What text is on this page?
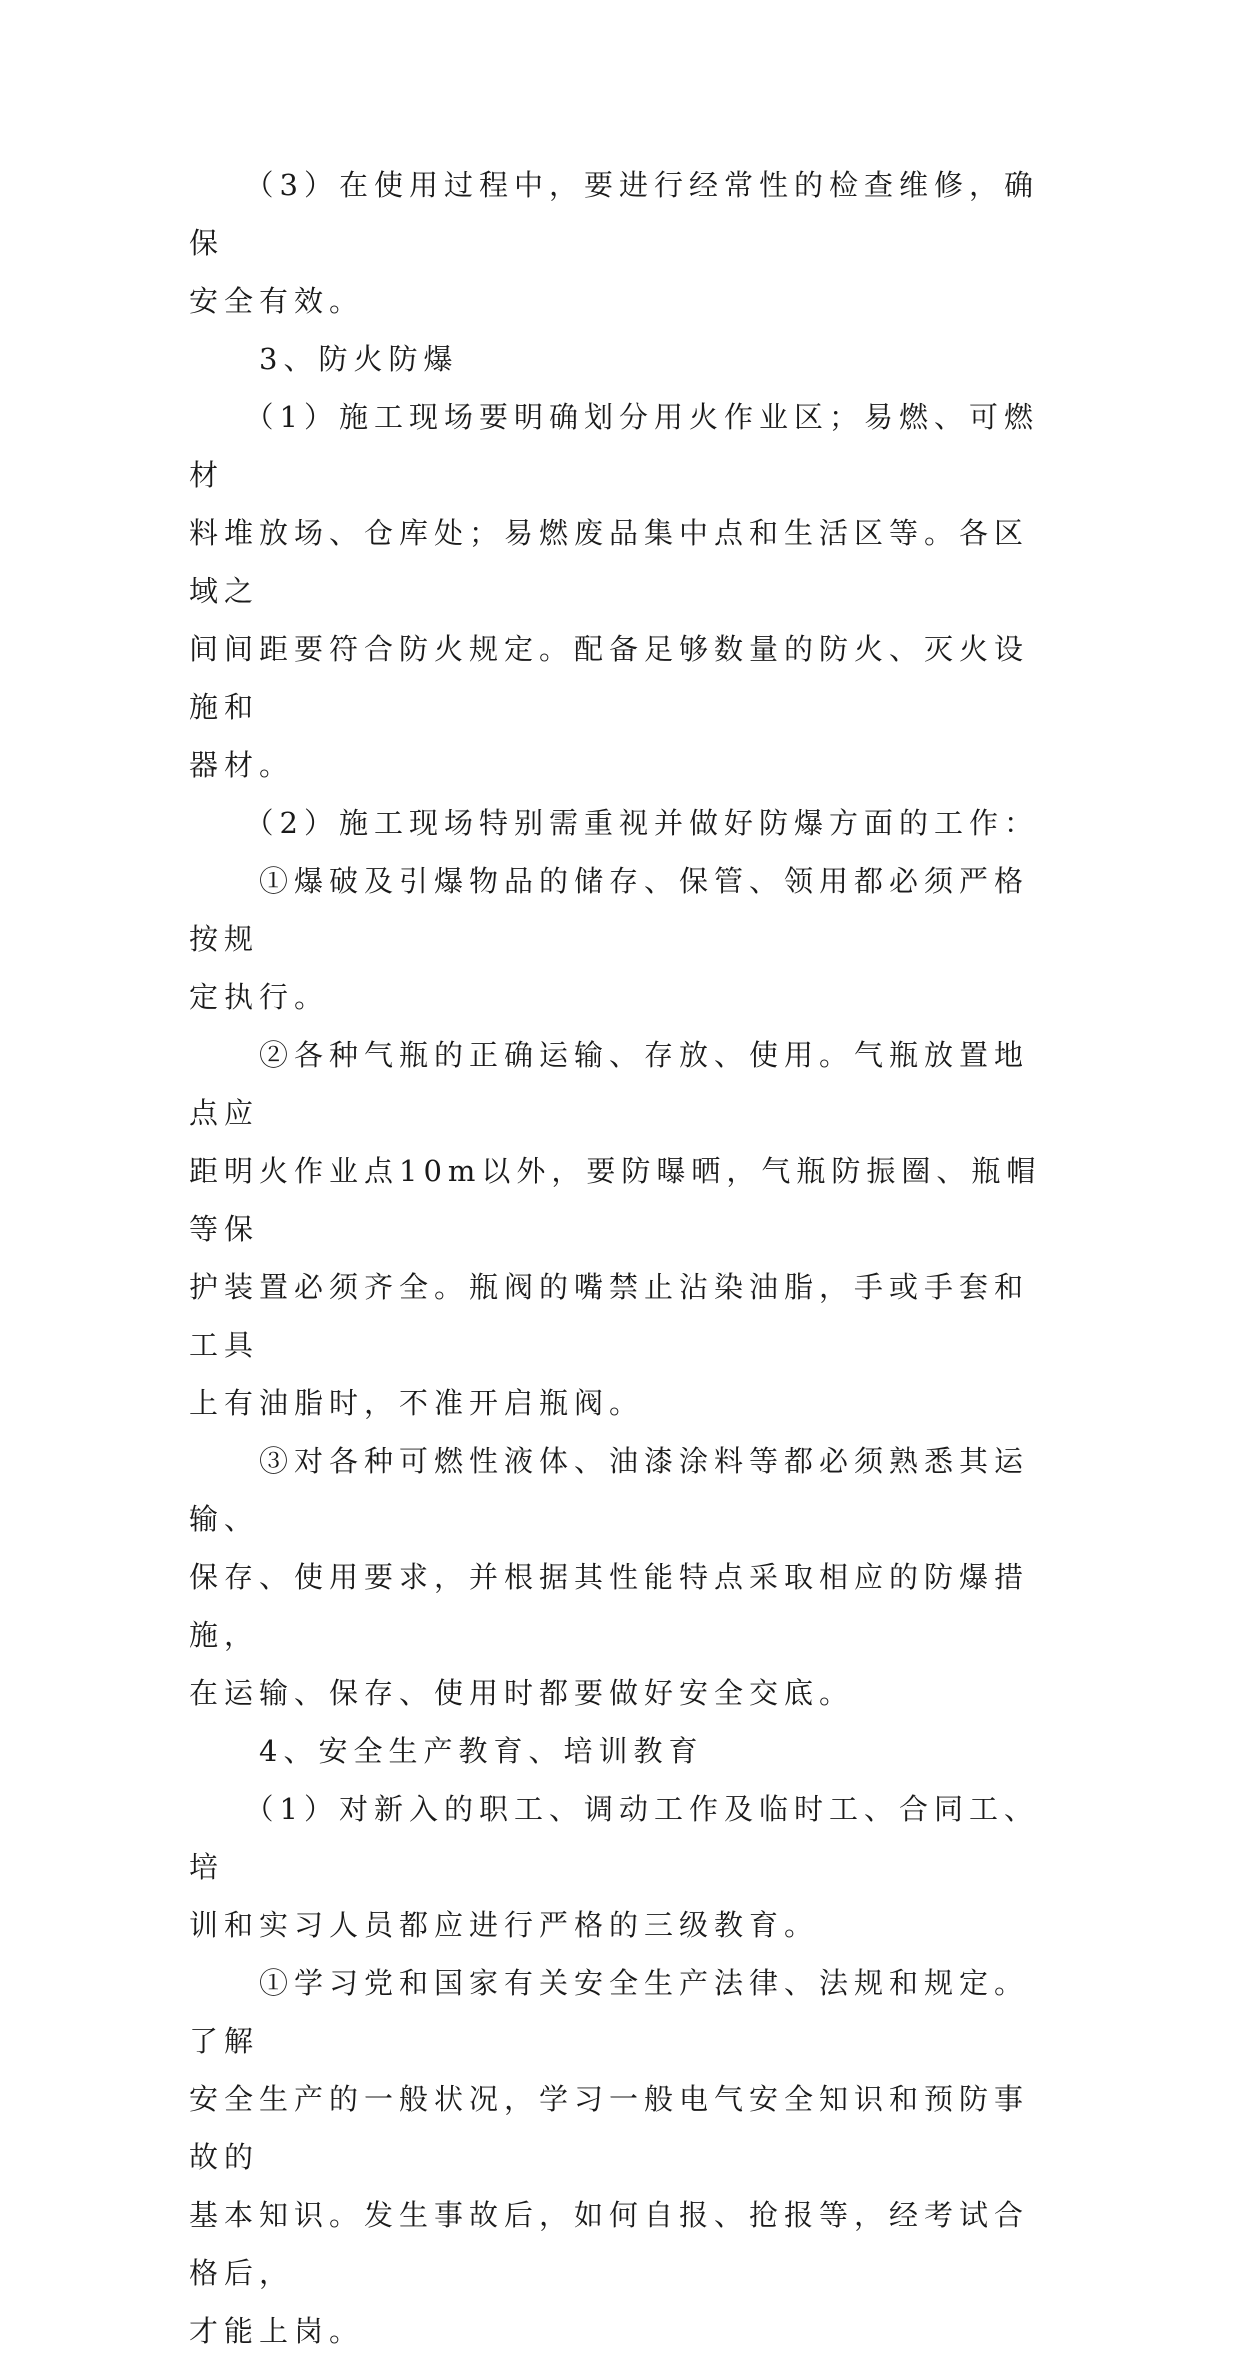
　　（3）在使用过程中，要进行经常性的检查维修，确保
安全有效。

　　3、防火防爆

　　（1）施工现场要明确划分用火作业区；易燃、可燃材
料堆放场、仓库处；易燃废品集中点和生活区等。各区域之
间间距要符合防火规定。配备足够数量的防火、灭火设施和
器材。

　　（2）施工现场特别需重视并做好防爆方面的工作：

　　①爆破及引爆物品的储存、保管、领用都必须严格按规
定执行。

　　②各种气瓶的正确运输、存放、使用。气瓶放置地点应
距明火作业点10m以外，要防曝晒，气瓶防振圈、瓶帽等保
护装置必须齐全。瓶阀的嘴禁止沾染油脂，手或手套和工具
上有油脂时，不准开启瓶阀。

　　③对各种可燃性液体、油漆涂料等都必须熟悉其运输、
保存、使用要求，并根据其性能特点采取相应的防爆措施，
在运输、保存、使用时都要做好安全交底。

　　4、安全生产教育、培训教育

　　（1）对新入的职工、调动工作及临时工、合同工、培
训和实习人员都应进行严格的三级教育。

　　①学习党和国家有关安全生产法律、法规和规定。了解
安全生产的一般状况，学习一般电气安全知识和预防事故的
基本知识。发生事故后，如何自报、抢报等，经考试合格后，
才能上岗。
